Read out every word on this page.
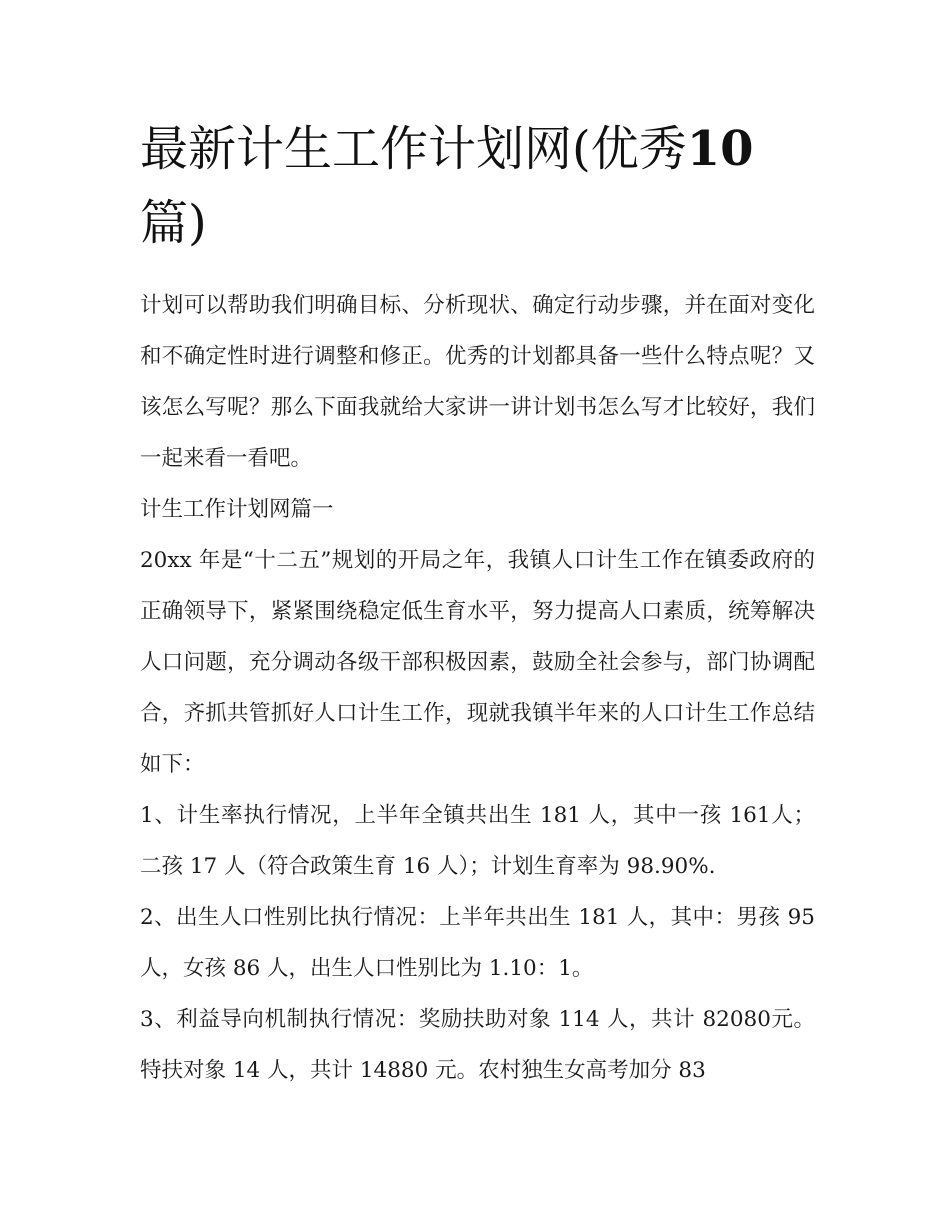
最新计生工作计划网(优秀10
篇)

计划可以帮助我们明确目标、分析现状、确定行动步骤，并在面对变化和不确定性时进行调整和修正。优秀的计划都具备一些什么特点呢？又该怎么写呢？那么下面我就给大家讲一讲计划书怎么写才比较好，我们一起来看一看吧。

计生工作计划网篇一

20xx 年是“十二五”规划的开局之年，我镇人口计生工作在镇委政府的正确领导下，紧紧围绕稳定低生育水平，努力提高人口素质，统筹解决人口问题，充分调动各级干部积极因素，鼓励全社会参与，部门协调配合，齐抓共管抓好人口计生工作，现就我镇半年来的人口计生工作总结如下：

1、计生率执行情况，上半年全镇共出生 181 人，其中一孩 161人；二孩 17 人（符合政策生育 16 人）；计划生育率为 98.90%.

2、出生人口性别比执行情况：上半年共出生 181 人，其中：男孩 95 人，女孩 86 人，出生人口性别比为 1.10：1。

3、利益导向机制执行情况：奖励扶助对象 114 人，共计 82080元。特扶对象 14 人，共计 14880 元。农村独生女高考加分 83
